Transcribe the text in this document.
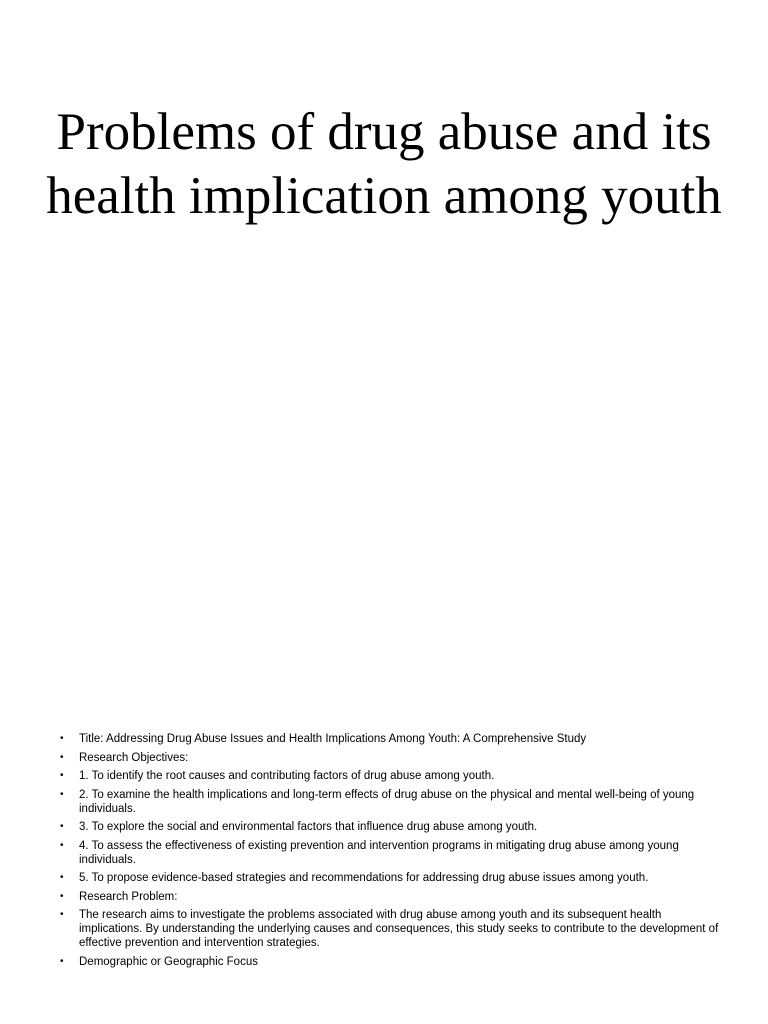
Problems of drug abuse and its health implication among youth
• Title: Addressing Drug Abuse Issues and Health Implications Among Youth: A Comprehensive Study
• Research Objectives:
• 1. To identify the root causes and contributing factors of drug abuse among youth.
• 2. To examine the health implications and long-term effects of drug abuse on the physical and mental well-being of young individuals.
• 3. To explore the social and environmental factors that influence drug abuse among youth.
• 4. To assess the effectiveness of existing prevention and intervention programs in mitigating drug abuse among young individuals.
• 5. To propose evidence-based strategies and recommendations for addressing drug abuse issues among youth.
• Research Problem:
• The research aims to investigate the problems associated with drug abuse among youth and its subsequent health implications. By understanding the underlying causes and consequences, this study seeks to contribute to the development of effective prevention and intervention strategies.
• Demographic or Geographic Focus
